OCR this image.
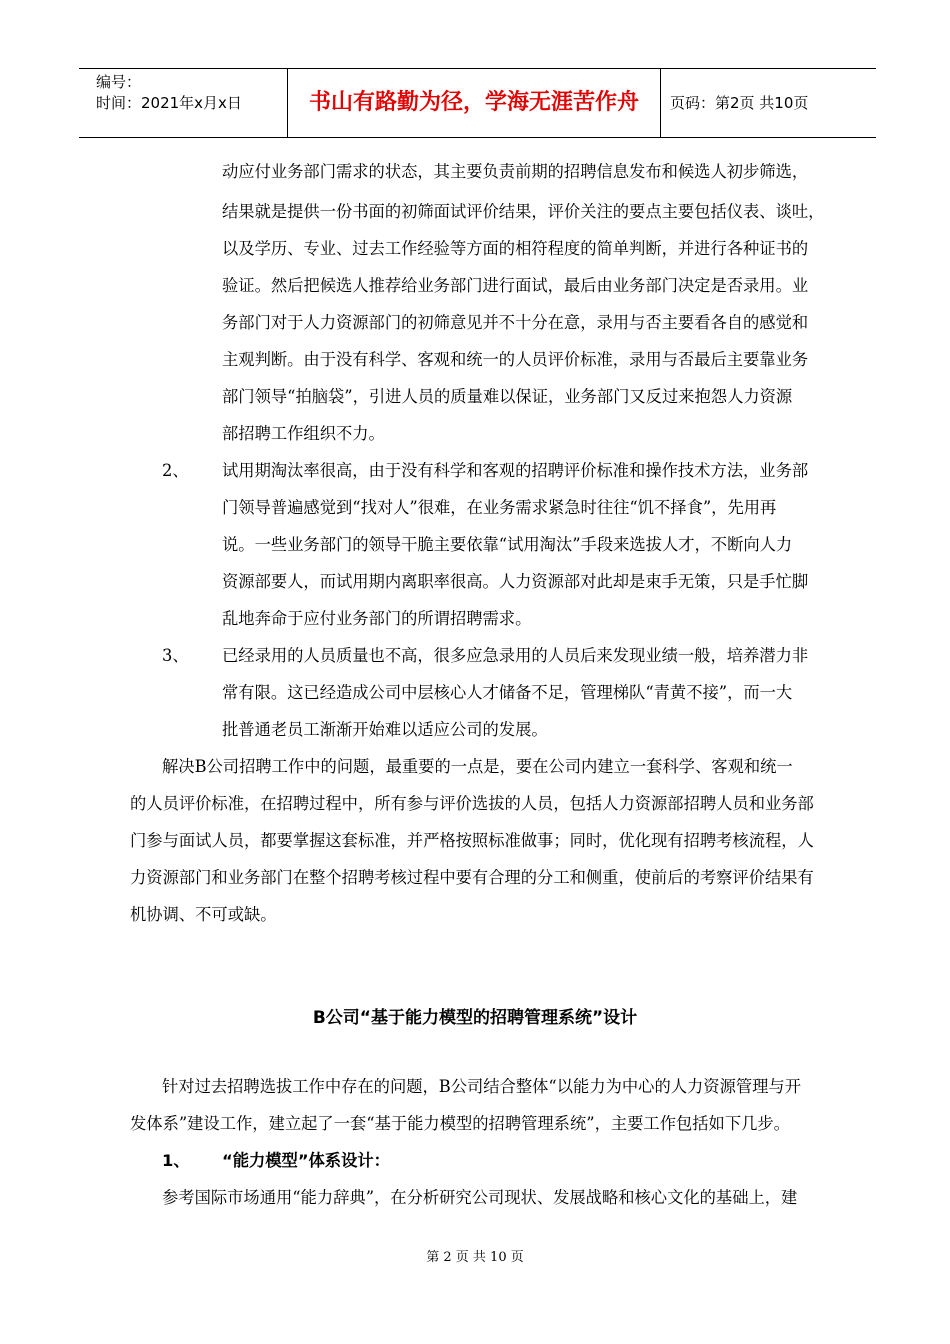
编号：
时间：2021年x月x日	书山有路勤为径，学海无涯苦作舟	页码：第2页 共10页
动应付业务部门需求的状态，其主要负责前期的招聘信息发布和候选人初步筛选，
结果就是提供一份书面的初筛面试评价结果，评价关注的要点主要包括仪表、谈吐，
以及学历、专业、过去工作经验等方面的相符程度的简单判断，并进行各种证书的
验证。然后把候选人推荐给业务部门进行面试，最后由业务部门决定是否录用。业
务部门对于人力资源部门的初筛意见并不十分在意，录用与否主要看各自的感觉和
主观判断。由于没有科学、客观和统一的人员评价标准，录用与否最后主要靠业务
部门领导“拍脑袋”，引进人员的质量难以保证，业务部门又反过来抱怨人力资源
部招聘工作组织不力。
2、 试用期淘汰率很高，由于没有科学和客观的招聘评价标准和操作技术方法，业务部
门领导普遍感觉到“找对人”很难，在业务需求紧急时往往“饥不择食”，先用再
说。一些业务部门的领导干脆主要依靠“试用淘汰”手段来选拔人才，不断向人力
资源部要人，而试用期内离职率很高。人力资源部对此却是束手无策，只是手忙脚
乱地奔命于应付业务部门的所谓招聘需求。
3、 已经录用的人员质量也不高，很多应急录用的人员后来发现业绩一般，培养潜力非
常有限。这已经造成公司中层核心人才储备不足，管理梯队“青黄不接”，而一大
批普通老员工渐渐开始难以适应公司的发展。
解决B公司招聘工作中的问题，最重要的一点是，要在公司内建立一套科学、客观和统一
的人员评价标准，在招聘过程中，所有参与评价选拔的人员，包括人力资源部招聘人员和业务部
门参与面试人员，都要掌握这套标准，并严格按照标准做事；同时，优化现有招聘考核流程，人
力资源部门和业务部门在整个招聘考核过程中要有合理的分工和侧重，使前后的考察评价结果有
机协调、不可或缺。
B公司“基于能力模型的招聘管理系统”设计
针对过去招聘选拔工作中存在的问题，B公司结合整体“以能力为中心的人力资源管理与开
发体系”建设工作，建立起了一套“基于能力模型的招聘管理系统”，主要工作包括如下几步。
1、 “能力模型”体系设计：
参考国际市场通用“能力辞典”，在分析研究公司现状、发展战略和核心文化的基础上，建
第 2 页 共 10 页
